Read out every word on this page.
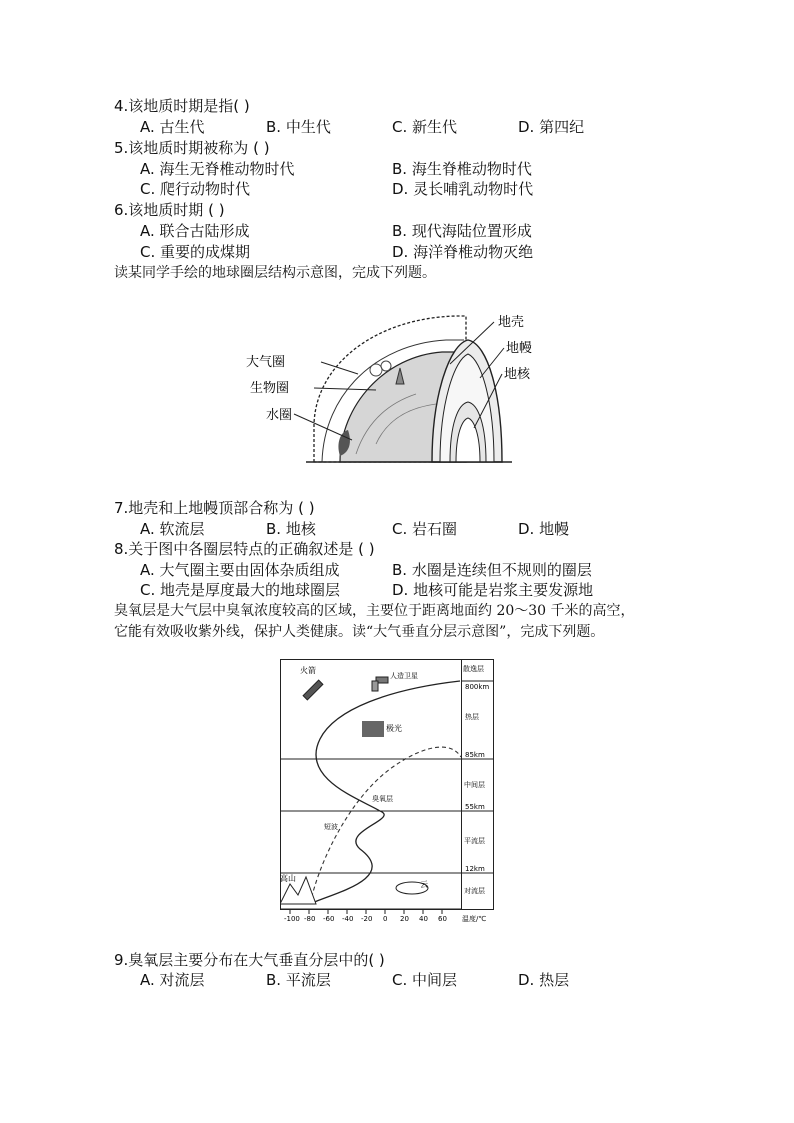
4.该地质时期是指( )
A. 古生代	B. 中生代	C. 新生代	D. 第四纪
5.该地质时期被称为 ( )
A. 海生无脊椎动物时代	B. 海生脊椎动物时代
C. 爬行动物时代	D. 灵长哺乳动物时代
6.该地质时期 ( )
A. 联合古陆形成	B. 现代海陆位置形成
C. 重要的成煤期	D. 海洋脊椎动物灭绝
读某同学手绘的地球圈层结构示意图，完成下列题。
大气圈
生物圈
水圈
地壳
地幔
地核
7.地壳和上地幔顶部合称为 ( )
A. 软流层	B. 地核	C. 岩石圈	D. 地幔
8.关于图中各圈层特点的正确叙述是 ( )
A. 大气圈主要由固体杂质组成	B. 水圈是连续但不规则的圈层
C. 地壳是厚度最大的地球圈层	D. 地核可能是岩浆主要发源地
臭氧层是大气层中臭氧浓度较高的区域，主要位于距离地面约 20～30 千米的高空，
它能有效吸收紫外线，保护人类健康。读“大气垂直分层示意图”，完成下列题。
火箭
人造卫星
极光
高山
云
短波
臭氧层
散逸层
热层
中间层
平流层
对流层
800km
85km
55km
12km
-100 -80 -60 -40 -20 0 20 40 60 温度/℃
9.臭氧层主要分布在大气垂直分层中的( )
A. 对流层	B. 平流层	C. 中间层	D. 热层
